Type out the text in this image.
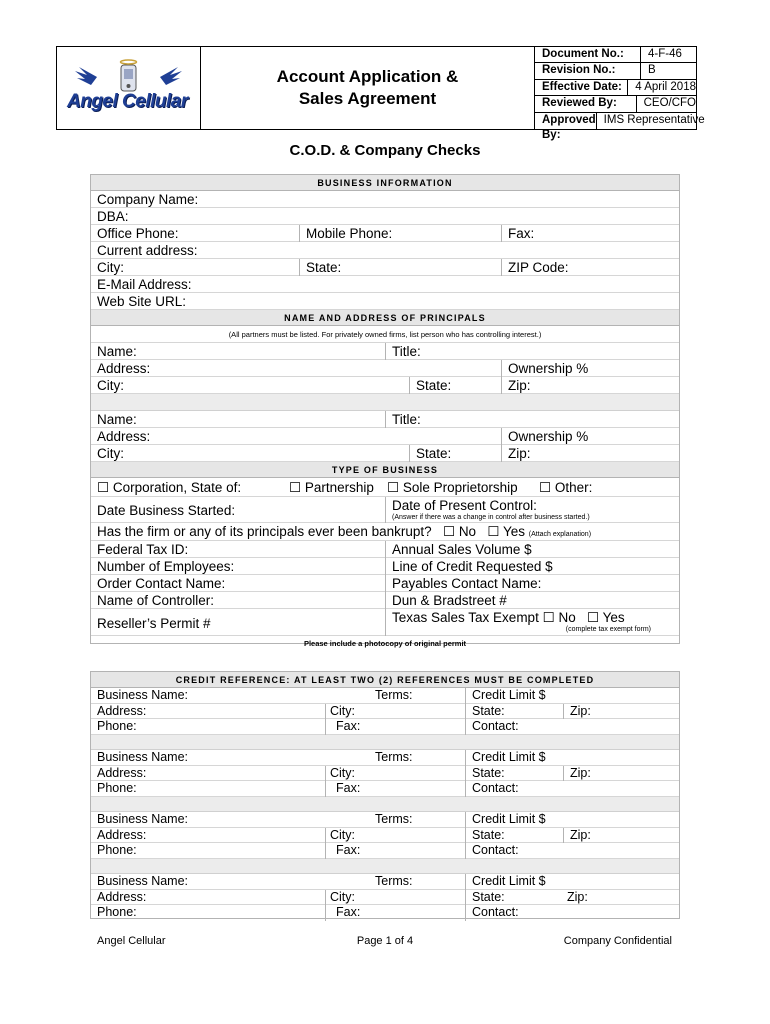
Angel Cellular
Account Application &
Sales Agreement
Document No.:	4-F-46
Revision No.:	B
Effective Date:	4 April 2018
Reviewed By:	CEO/CFO
Approved By:
IMS Representative
C.O.D. & Company Checks
BUSINESS INFORMATION
Company Name:
DBA:
Office Phone:	Mobile Phone:	Fax:
Current address:
City:	State:	ZIP Code:
E-Mail Address:
Web Site URL:
NAME AND ADDRESS OF PRINCIPALS
(All partners must be listed. For privately owned firms, list person who has controlling interest.)
Name:	Title:
Address:	Ownership %
City:	State:	Zip:
Name:	Title:
Address:	Ownership %
City:	State:	Zip:
TYPE OF BUSINESS
☐ Corporation, State of:	☐ Partnership ☐ Sole Proprietorship ☐ Other:
Date Business Started:	Date of Present Control:
(Answer if there was a change in control after business started.)
Has the firm or any of its principals ever been bankrupt? ☐ No ☐ Yes (Attach explanation)
Federal Tax ID:	Annual Sales Volume $
Number of Employees:	Line of Credit Requested $
Order Contact Name:	Payables Contact Name:
Name of Controller:	Dun & Bradstreet #
Reseller’s Permit #	Texas Sales Tax Exempt ☐ No ☐ Yes
(complete tax exempt form)
Please include a photocopy of original permit
CREDIT REFERENCE: AT LEAST TWO (2) REFERENCES MUST BE COMPLETED
Business Name:	Terms:	Credit Limit $
Address:	City:	State:	Zip:
Phone:	Fax:	Contact:
Business Name:	Terms:	Credit Limit $
Address:	City:	State:	Zip:
Phone:	Fax:	Contact:
Business Name:	Terms:	Credit Limit $
Address:	City:	State:	Zip:
Phone:	Fax:	Contact:
Business Name:	Terms:	Credit Limit $
Address:	City:	State:	Zip:
Phone:	Fax:	Contact:
Angel Cellular	Page 1 of 4	Company Confidential
